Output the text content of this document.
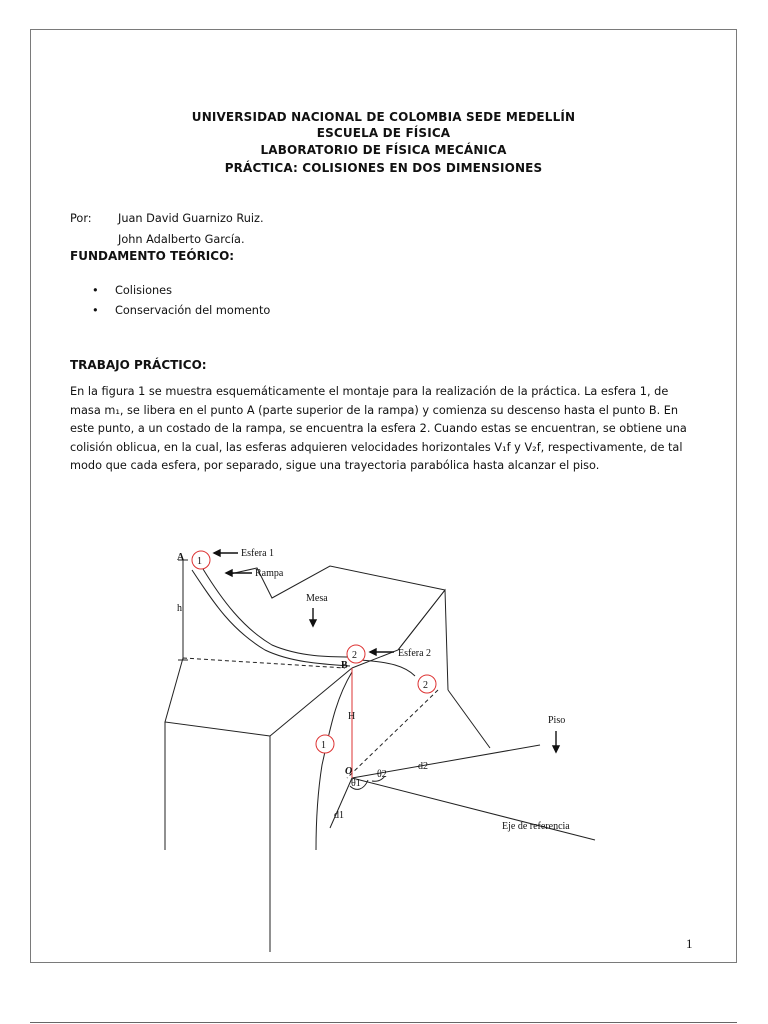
UNIVERSIDAD NACIONAL DE COLOMBIA SEDE MEDELLÍN
ESCUELA DE FÍSICA
LABORATORIO DE FÍSICA MECÁNICA
PRÁCTICA: COLISIONES EN DOS DIMENSIONES
Por: Juan David Guarnizo Ruiz.
John Adalberto García.
FUNDAMENTO TEÓRICO:
•
•
Colisiones
Conservación del momento
TRABAJO PRÁCTICO:
En la figura 1 se muestra esquemáticamente el montaje para la realización de la práctica. La esfera 1, de
masa m₁, se libera en el punto A (parte superior de la rampa) y comienza su descenso hasta el punto B. En
este punto, a un costado de la rampa, se encuentra la esfera 2. Cuando estas se encuentran, se obtiene una
colisión oblicua, en la cual, las esferas adquieren velocidades horizontales V₁f y V₂f, respectivamente, de tal
modo que cada esfera, por separado, sigue una trayectoria parabólica hasta alcanzar el piso.
A 1
Esfera 1
Rampa
h
Mesa
2	Esfera 2
B
2
H	Piso
1
O
θ1
θ2
d2
d1
Eje de referencia
1
